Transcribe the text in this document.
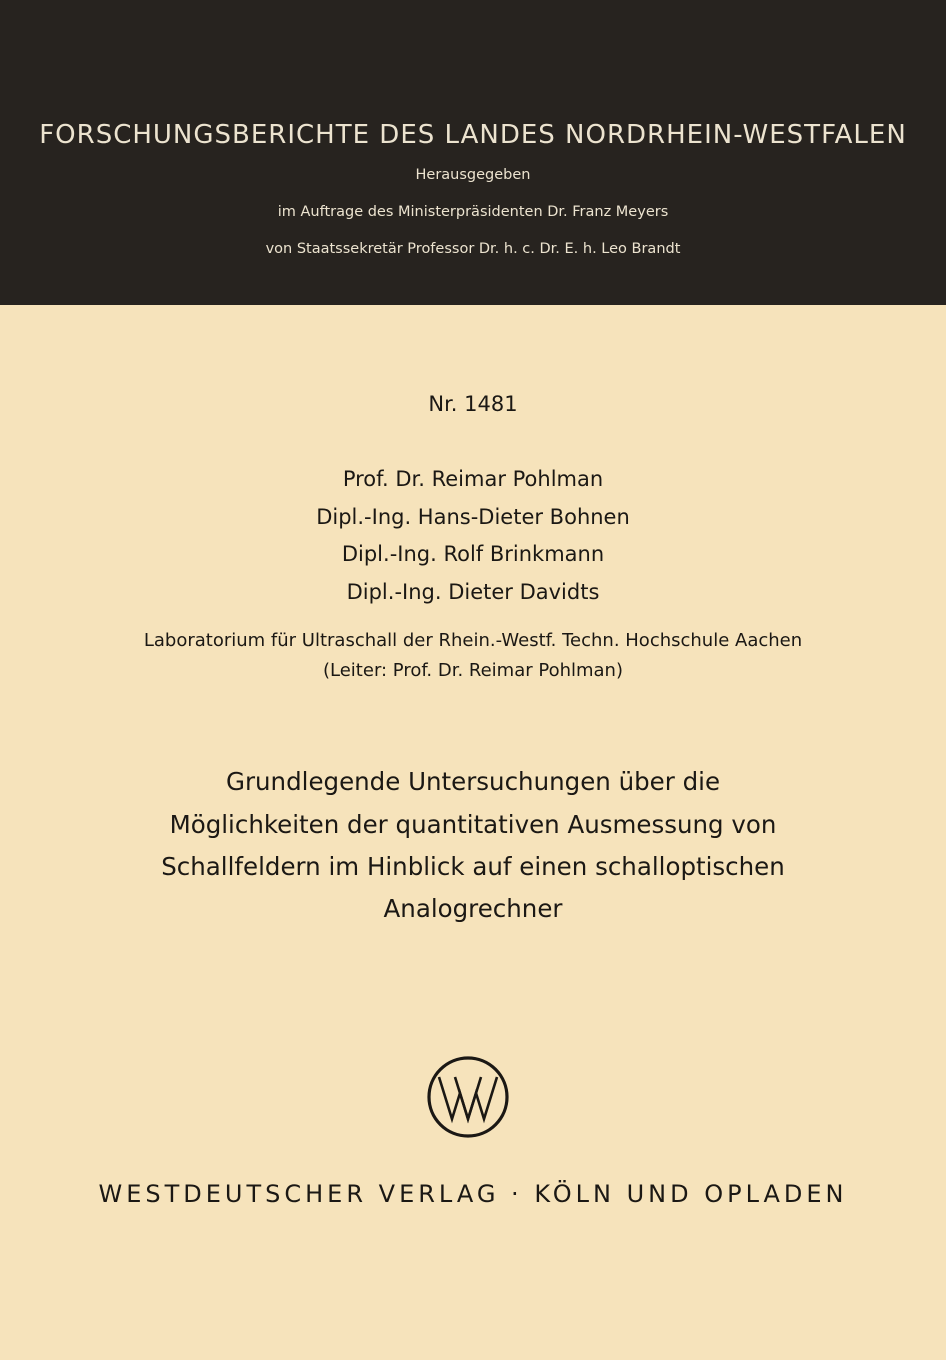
FORSCHUNGSBERICHTE DES LANDES NORDRHEIN-WESTFALEN
Herausgegeben
im Auftrage des Ministerpräsidenten Dr. Franz Meyers
von Staatssekretär Professor Dr. h. c. Dr. E. h. Leo Brandt
Nr. 1481
Prof. Dr. Reimar Pohlman
Dipl.-Ing. Hans-Dieter Bohnen
Dipl.-Ing. Rolf Brinkmann
Dipl.-Ing. Dieter Davidts
Laboratorium für Ultraschall der Rhein.-Westf. Techn. Hochschule Aachen
(Leiter: Prof. Dr. Reimar Pohlman)
Grundlegende Untersuchungen über die
Möglichkeiten der quantitativen Ausmessung von
Schallfeldern im Hinblick auf einen schalloptischen
Analogrechner
WESTDEUTSCHER VERLAG · KÖLN UND OPLADEN
